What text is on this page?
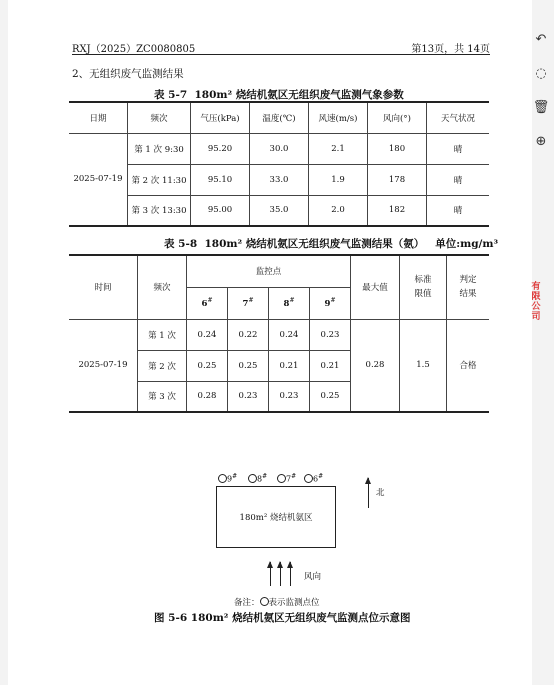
RXJ（2025）ZC0080805	第13页，共 14页
2、无组织废气监测结果
表 5-7 180m² 烧结机氨区无组织废气监测气象参数
日期	频次	气压(kPa)	温度(℃)	风速(m/s)	风向(°)	天气状况
2025-07-19	第 1 次 9:30	95.20	30.0	2.1	180	晴
	第 2 次 11:30	95.10	33.0	1.9	178	晴
	第 3 次 13:30	95.00	35.0	2.0	182	晴
表 5-8 180m² 烧结机氨区无组织废气监测结果（氨） 单位:mg/m³
时间	频次	监控点				最大值	标准限值	判定结果
		6#	7#	8#	9#
2025-07-19	第 1 次	0.24	0.22	0.24	0.23	0.28	1.5	合格
	第 2 次	0.25	0.25	0.21	0.21			
	第 3 次	0.28	0.23	0.23	0.25			
9#	8#	7#	6#
180m² 烧结机氨区
北
风向
备注： 表示监测点位
图 5-6 180m² 烧结机氨区无组织废气监测点位示意图
有
限
公
司
↶
◌
🗑
⊕
